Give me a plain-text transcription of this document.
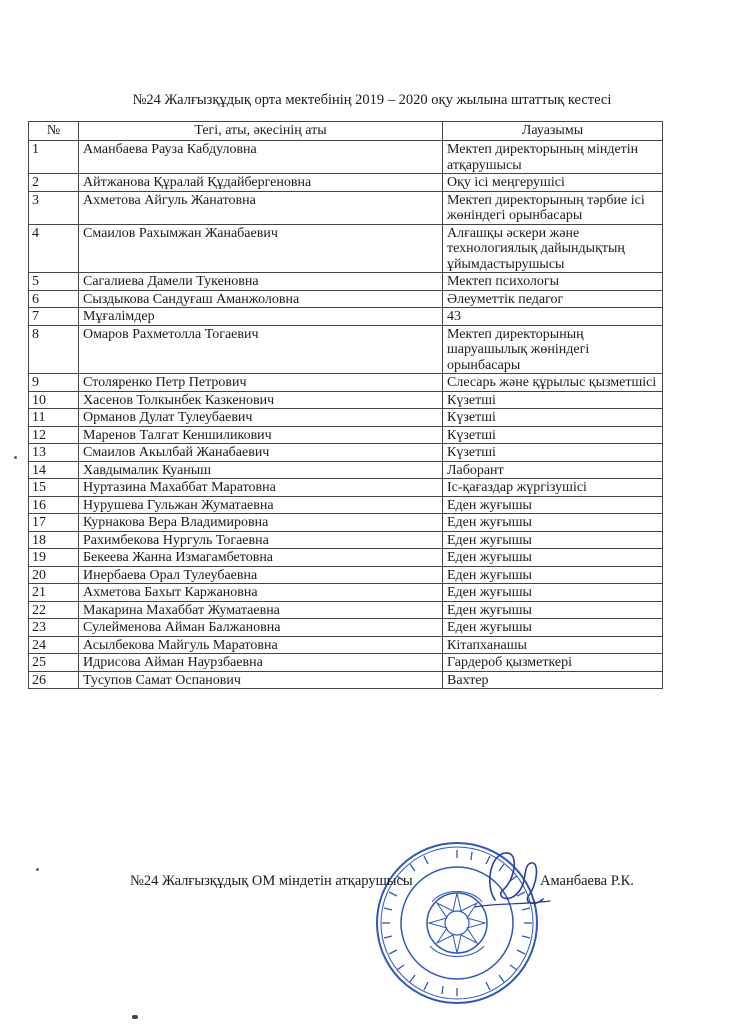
№24 Жалғызқұдық орта мектебінің 2019 – 2020 оқу жылына штаттық кестесі
№	Тегі, аты, әкесінің аты	Лауазымы
1	Аманбаева Рауза Кабдуловна	Мектеп директорының міндетін атқарушысы
2	Айтжанова Құралай Құдайбергеновна	Оқу ісі меңгерушісі
3	Ахметова Айгуль Жанатовна	Мектеп директорының тәрбие ісі жөніндегі орынбасары
4	Смаилов Рахымжан Жанабаевич	Алғашқы әскери және технологиялық дайындықтың ұйымдастырушысы
5	Сагалиева Дамели Тукеновна	Мектеп психологы
6	Сыздыкова Сандуғаш Аманжоловна	Әлеуметтік педагог
7	Мұғалімдер	43
8	Омаров Рахметолла Тогаевич	Мектеп директорының шаруашылық жөніндегі орынбасары
9	Столяренко Петр Петрович	Слесарь және құрылыс қызметшісі
10	Хасенов Толкынбек Казкенович	Күзетші
11	Орманов Дулат Тулеубаевич	Күзетші
12	Маренов Талгат Кеншиликович	Күзетші
13	Смаилов Акылбай Жанабаевич	Күзетші
14	Хавдымалик Куаныш	Лаборант
15	Нуртазина Махаббат Маратовна	Іс-қағаздар жүргізушісі
16	Нурушева Гульжан Жуматаевна	Еден жуғышы
17	Курнакова Вера Владимировна	Еден жуғышы
18	Рахимбекова Нургуль Тогаевна	Еден жуғышы
19	Бекеева Жанна Измагамбетовна	Еден жуғышы
20	Инербаева Орал Тулеубаевна	Еден жуғышы
21	Ахметова Бахыт Каржановна	Еден жуғышы
22	Макарина Махаббат Жуматаевна	Еден жуғышы
23	Сулейменова Айман Балжановна	Еден жуғышы
24	Асылбекова Майгуль Маратовна	Кітапханашы
25	Идрисова Айман Наурзбаевна	Гардероб қызметкері
26	Тусупов Самат Оспанович	Вахтер
№24 Жалғызқұдық ОМ міндетін атқарушысы	Аманбаева Р.К.
